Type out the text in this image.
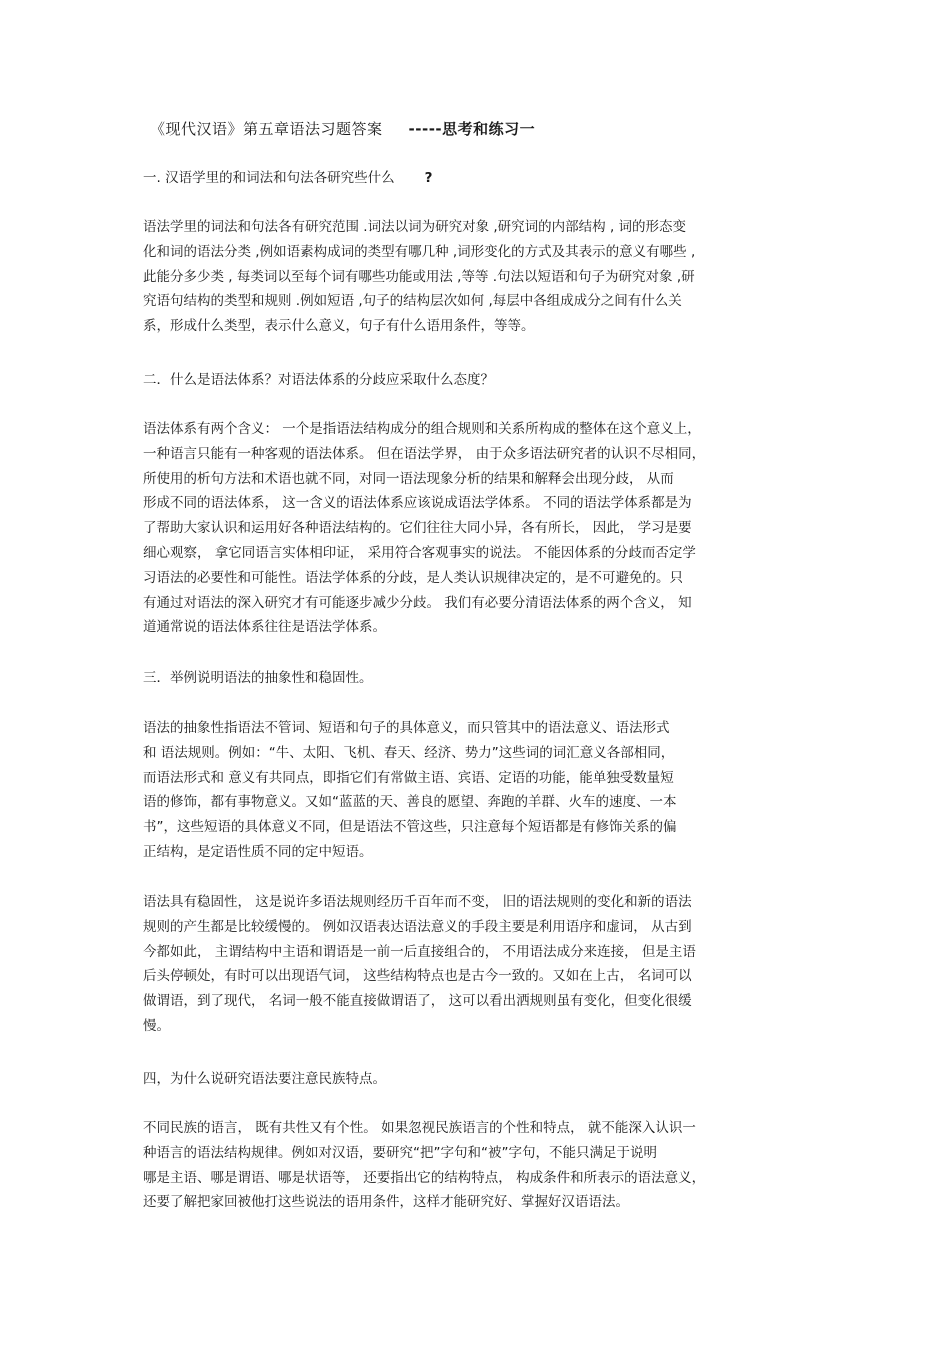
《现代汉语》第五章语法习题答案 -----思考和练习一
一. 汉语学里的和词法和句法各研究些什么 ?
语法学里的词法和句法各有研究范围 .词法以词为研究对象 ,研究词的内部结构 , 词的形态变
化和词的语法分类 ,例如语素构成词的类型有哪几种 ,词形变化的方式及其表示的意义有哪些 ,
此能分多少类 , 每类词以至每个词有哪些功能或用法 ,等等 .句法以短语和句子为研究对象 ,研
究语句结构的类型和规则 .例如短语 ,句子的结构层次如何 ,每层中各组成成分之间有什么关
系，形成什么类型，表示什么意义，句子有什么语用条件，等等。
二．什么是语法体系？对语法体系的分歧应采取什么态度？
语法体系有两个含义： 一个是指语法结构成分的组合规则和关系所构成的整体在这个意义上，
一种语言只能有一种客观的语法体系。 但在语法学界， 由于众多语法研究者的认识不尽相同，
所使用的析句方法和术语也就不同，对同一语法现象分析的结果和解释会出现分歧， 从而
形成不同的语法体系， 这一含义的语法体系应该说成语法学体系。 不同的语法学体系都是为
了帮助大家认识和运用好各种语法结构的。它们往往大同小异，各有所长， 因此， 学习是要
细心观察， 拿它同语言实体相印证， 采用符合客观事实的说法。 不能因体系的分歧而否定学
习语法的必要性和可能性。语法学体系的分歧，是人类认识规律决定的，是不可避免的。只
有通过对语法的深入研究才有可能逐步减少分歧。 我们有必要分清语法体系的两个含义， 知
道通常说的语法体系往往是语法学体系。
三．举例说明语法的抽象性和稳固性。
语法的抽象性指语法不管词、短语和句子的具体意义，而只管其中的语法意义、语法形式
和 语法规则。例如：“牛、太阳、飞机、春天、经济、势力”这些词的词汇意义各部相同，
而语法形式和 意义有共同点，即指它们有常做主语、宾语、定语的功能，能单独受数量短
语的修饰，都有事物意义。又如“蓝蓝的天、善良的愿望、奔跑的羊群、火车的速度、一本
书”，这些短语的具体意义不同，但是语法不管这些，只注意每个短语都是有修饰关系的偏
正结构，是定语性质不同的定中短语。
语法具有稳固性， 这是说许多语法规则经历千百年而不变， 旧的语法规则的变化和新的语法
规则的产生都是比较缓慢的。 例如汉语表达语法意义的手段主要是利用语序和虚词， 从古到
今都如此， 主谓结构中主语和谓语是一前一后直接组合的， 不用语法成分来连接， 但是主语
后头停顿处，有时可以出现语气词， 这些结构特点也是古今一致的。又如在上古， 名词可以
做谓语，到了现代， 名词一般不能直接做谓语了， 这可以看出洒规则虽有变化，但变化很缓
慢。
四，为什么说研究语法要注意民族特点。
不同民族的语言， 既有共性又有个性。 如果忽视民族语言的个性和特点， 就不能深入认识一
种语言的语法结构规律。例如对汉语，要研究“把”字句和“被”字句，不能只满足于说明
哪是主语、哪是谓语、哪是状语等， 还要指出它的结构特点， 构成条件和所表示的语法意义，
还要了解把家回被他打这些说法的语用条件，这样才能研究好、掌握好汉语语法。
